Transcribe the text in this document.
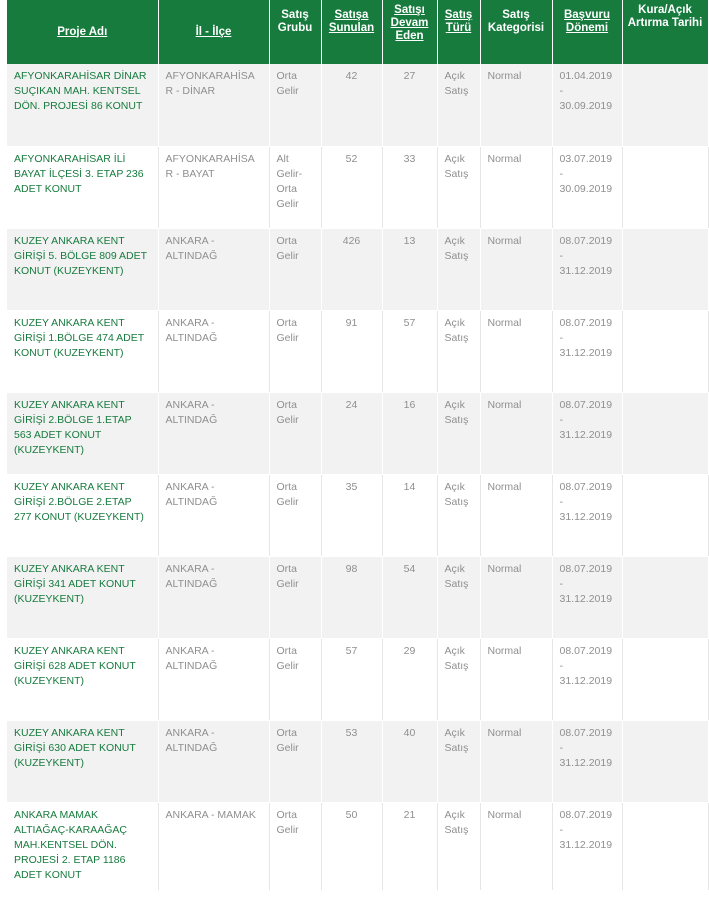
Proje Adı	İl - İlçe	Satış Grubu	Satışa Sunulan	Satışı Devam Eden	Satış Türü	Satış Kategorisi	Başvuru Dönemi	Kura/Açık Artırma Tarihi
AFYONKARAHİSAR DİNAR SUÇIKAN MAH. KENTSEL DÖN. PROJESİ 86 KONUT	AFYONKARAHİSAR - DİNAR	Orta Gelir	42	27	Açık Satış	Normal	01.04.2019 - 30.09.2019	
AFYONKARAHİSAR İLİ BAYAT İLÇESİ 3. ETAP 236 ADET KONUT	AFYONKARAHİSAR - BAYAT	Alt Gelir-Orta Gelir	52	33	Açık Satış	Normal	03.07.2019 - 30.09.2019	
KUZEY ANKARA KENT GİRİŞİ 5. BÖLGE 809 ADET KONUT (KUZEYKENT)	ANKARA - ALTINDAĞ	Orta Gelir	426	13	Açık Satış	Normal	08.07.2019 - 31.12.2019	
KUZEY ANKARA KENT GİRİŞİ 1.BÖLGE 474 ADET KONUT (KUZEYKENT)	ANKARA - ALTINDAĞ	Orta Gelir	91	57	Açık Satış	Normal	08.07.2019 - 31.12.2019	
KUZEY ANKARA KENT GİRİŞİ 2.BÖLGE 1.ETAP 563 ADET KONUT (KUZEYKENT)	ANKARA - ALTINDAĞ	Orta Gelir	24	16	Açık Satış	Normal	08.07.2019 - 31.12.2019	
KUZEY ANKARA KENT GİRİŞİ 2.BÖLGE 2.ETAP 277 KONUT (KUZEYKENT)	ANKARA - ALTINDAĞ	Orta Gelir	35	14	Açık Satış	Normal	08.07.2019 - 31.12.2019	
KUZEY ANKARA KENT GİRİŞİ 341 ADET KONUT (KUZEYKENT)	ANKARA - ALTINDAĞ	Orta Gelir	98	54	Açık Satış	Normal	08.07.2019 - 31.12.2019	
KUZEY ANKARA KENT GİRİŞİ 628 ADET KONUT (KUZEYKENT)	ANKARA - ALTINDAĞ	Orta Gelir	57	29	Açık Satış	Normal	08.07.2019 - 31.12.2019	
KUZEY ANKARA KENT GİRİŞİ 630 ADET KONUT (KUZEYKENT)	ANKARA - ALTINDAĞ	Orta Gelir	53	40	Açık Satış	Normal	08.07.2019 - 31.12.2019	
ANKARA MAMAK ALTIAĞAÇ-KARAAĞAÇ MAH.KENTSEL DÖN. PROJESİ 2. ETAP 1186 ADET KONUT	ANKARA - MAMAK	Orta Gelir	50	21	Açık Satış	Normal	08.07.2019 - 31.12.2019	
